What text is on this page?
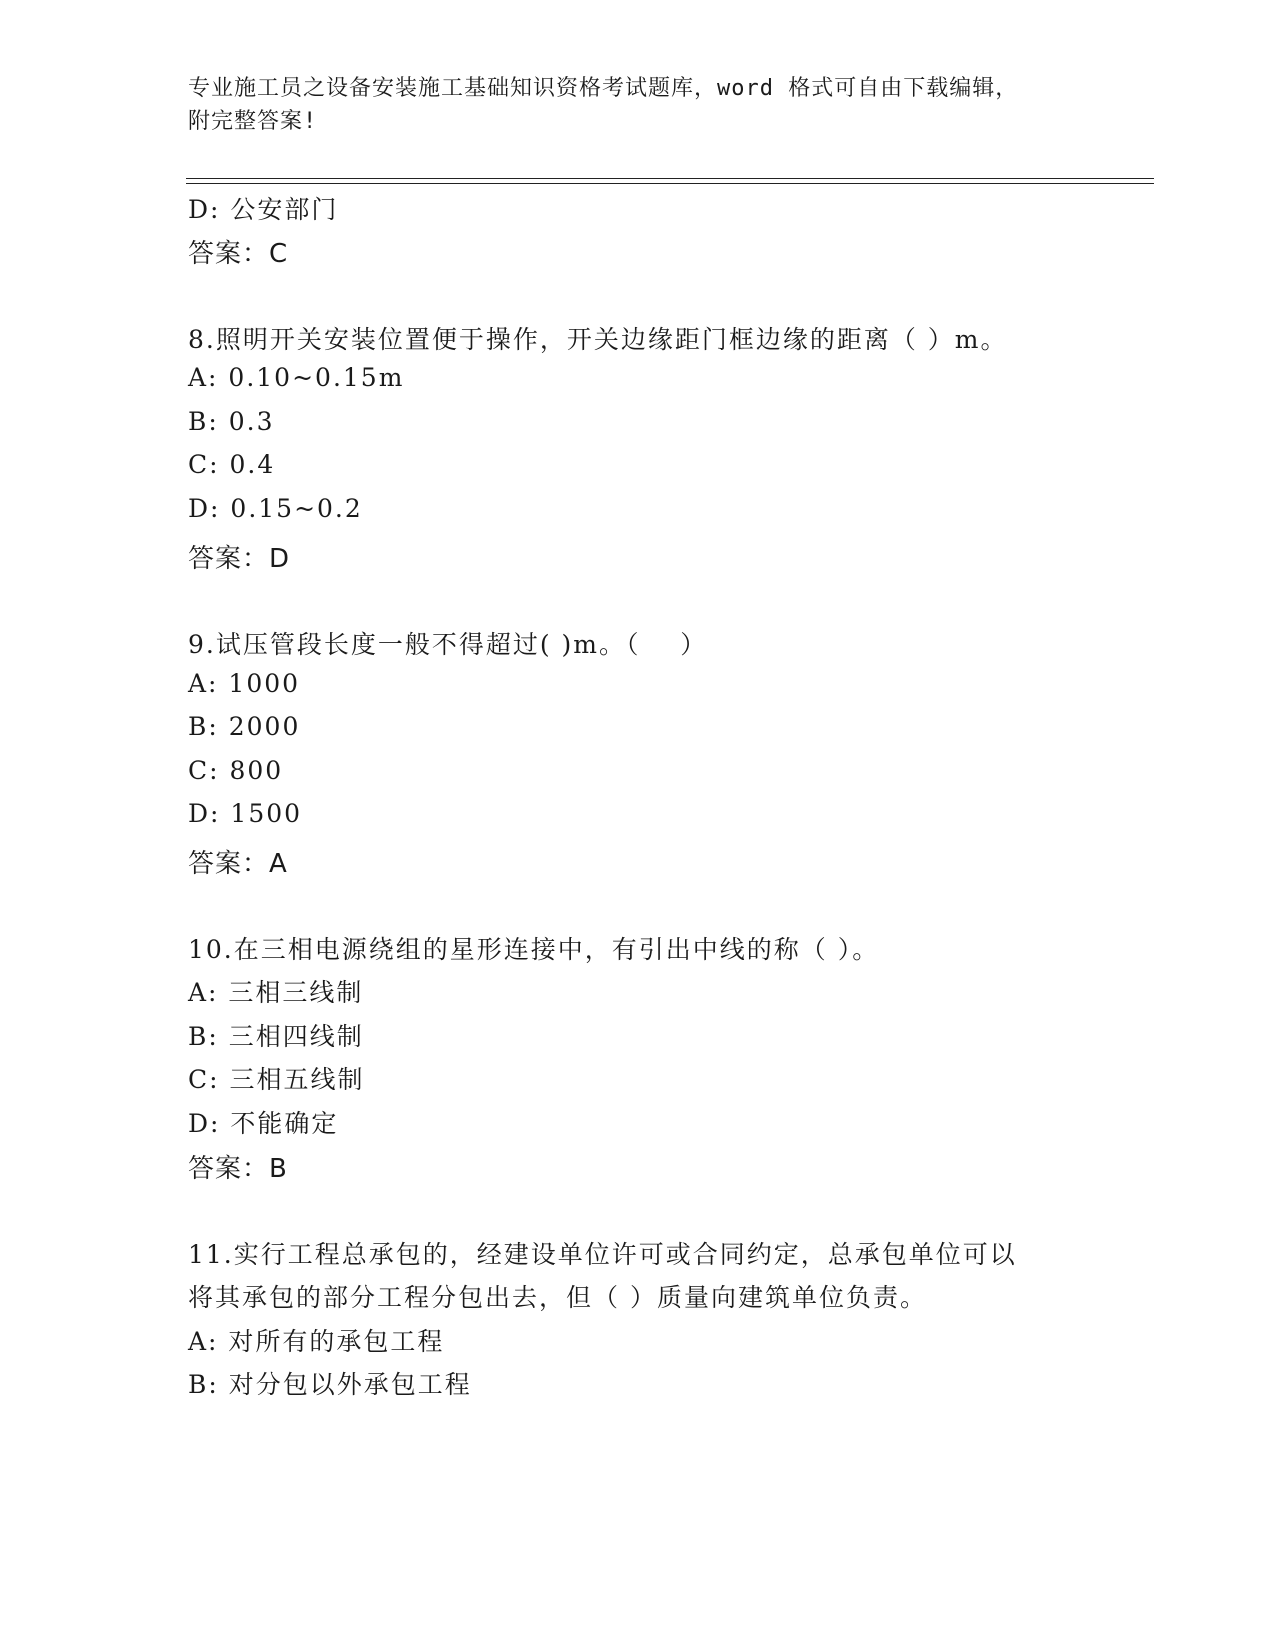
专业施工员之设备安装施工基础知识资格考试题库，word 格式可自由下载编辑，
附完整答案!
D: 公安部门
答案：C
8.照明开关安装位置便于操作，开关边缘距门框边缘的距离（ ）m。
A: 0.10~0.15m
B: 0.3
C: 0.4
D: 0.15~0.2
答案：D
9.试压管段长度一般不得超过( )m。（    ）
A: 1000
B: 2000
C: 800
D: 1500
答案：A
10.在三相电源绕组的星形连接中，有引出中线的称（ ）。
A: 三相三线制
B: 三相四线制
C: 三相五线制
D: 不能确定
答案：B
11.实行工程总承包的，经建设单位许可或合同约定，总承包单位可以
将其承包的部分工程分包出去，但（ ）质量向建筑单位负责。
A: 对所有的承包工程
B: 对分包以外承包工程
